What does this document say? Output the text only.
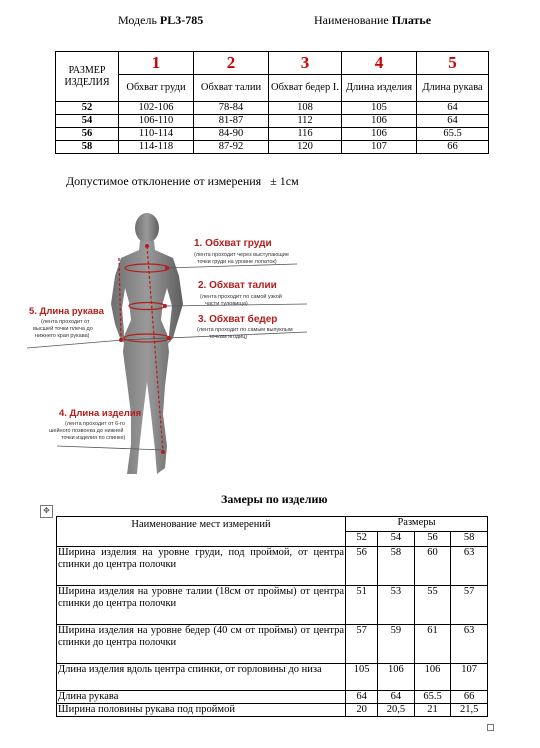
Модель PL3-785	Наименование Платье
РАЗМЕР ИЗДЕЛИЯ	1	2	3	4	5
	Обхват груди	Обхват талии	Обхват бедер I.	Длина изделия	Длина рукава
52	102-106	78-84	108	105	64
54	106-110	81-87	112	106	64
56	110-114	84-90	116	106	65.5
58	114-118	87-92	120	107	66
Допустимое отклонение от измерения ± 1см
1. Обхват груди
(лента проходит через выступающие
точки груди на уровне лопаток)
2. Обхват талии
(лента проходит по самой узкой
части туловища)
3. Обхват бедер
(лента проходит по самым выпуклым
точкам ягодиц)
5. Длина рукава
(лента проходит от
высшей точки плеча до
нижнего края рукава)
4. Длина изделия
(лента проходит от 6-го
шейного позвонка до нижней
точки изделия по спинке)
Замеры по изделию
✥
Наименование мест измерений	Размеры			
	52	54	56	58
Ширина изделия на уровне груди, под проймой, от центра спинки до центра полочки	56	58	60	63
Ширина изделия на уровне талии (18см от проймы) от центра спинки до центра полочки	51	53	55	57
Ширина изделия на уровне бедер (40 см от проймы) от центра спинки до центра полочки	57	59	61	63
Длина изделия вдоль центра спинки, от горловины до низа	105	106	106	107
Длина рукава	64	64	65.5	66
Ширина половины рукава под проймой	20	20,5	21	21,5
